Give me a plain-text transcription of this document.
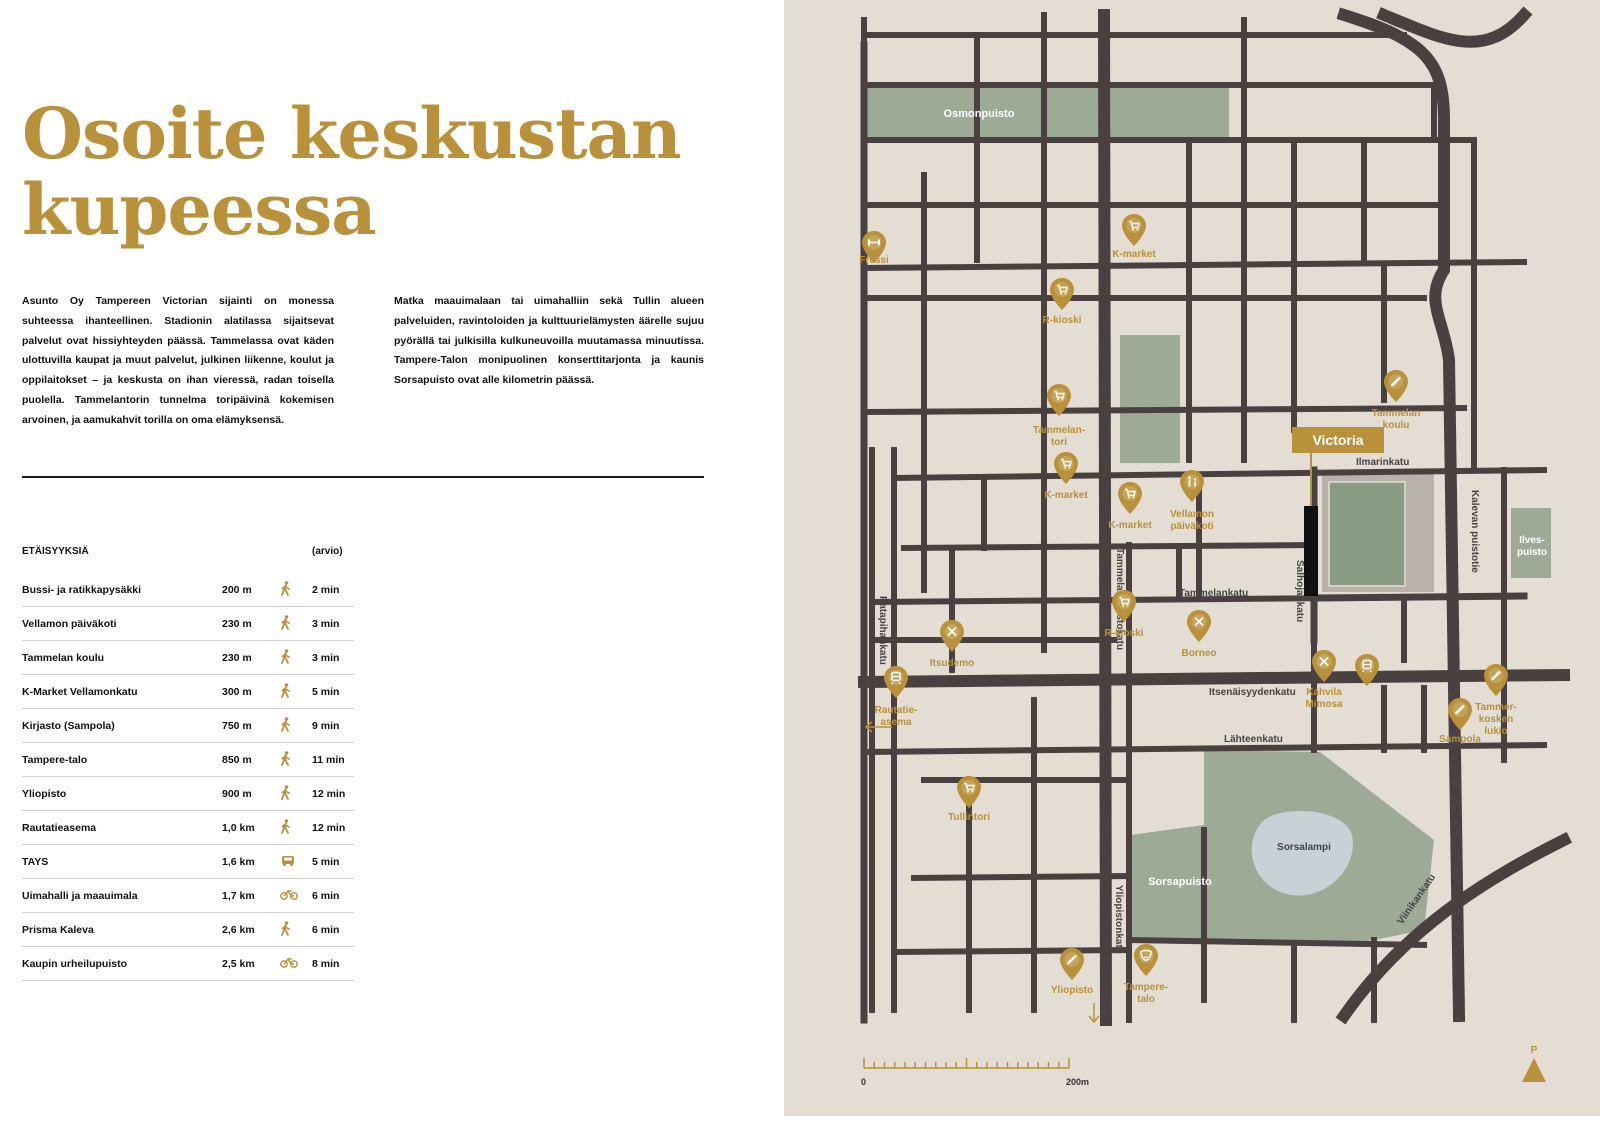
Osoite keskustan
kupeessa
Asunto Oy Tampereen Victorian sijainti on monessa suhteessa ihanteellinen. Stadionin alatilassa sijaitsevat palvelut ovat hissiyhteyden päässä. Tammelassa ovat käden ulottuvilla kaupat ja muut palvelut, julkinen liikenne, koulut ja oppilaitokset – ja keskusta on ihan vieressä, radan toisella puolella. Tammelantorin tunnelma toripäivinä kokemisen arvoinen, ja aamukahvit torilla on oma elämyksensä.
Matka maauimalaan tai uimahalliin sekä Tullin alueen palveluiden, ravintoloiden ja kulttuurielämysten äärelle sujuu pyörällä tai julkisilla kulkuneuvoilla muutamassa minuutissa. Tampere-Talon monipuolinen konserttitarjonta ja kaunis Sorsapuisto ovat alle kilometrin päässä.
ETÄISYYKSIÄ	(arvio)
Bussi- ja ratikkapysäkki	200 m	2 min
Vellamon päiväkoti	230 m	3 min
Tammelan koulu	230 m	3 min
K-Market Vellamonkatu	300 m	5 min
Kirjasto (Sampola)	750 m	9 min
Tampere-talo	850 m	11 min
Yliopisto	900 m	12 min
Rautatieasema	1,0 km	12 min
TAYS	1,6 km	5 min
Uimahalli ja maauimala	1,7 km	6 min
Prisma Kaleva	2,6 km	6 min
Kaupin urheilupuisto	2,5 km	8 min
Victoria
Osmonpuisto
Sorsapuisto
Sorsalampi
Ilves-puisto
Ilmarinkatu
Tammelankatu
Itsenäisyydenkatu
Lähteenkatu
Ratapihankatu
Salhojankatu
Kalevan puistotie
Yliopistonkatu	Viinikankatu
Fressi
K-market
R-kioski
Tammelan-tori
K-market
K-market
Vellamon päiväkoti
Tammelan koulu
Itsudemo
R-kioski
Borneo
Rautatie-asema
Kahvila Mimosa	Tammer-kosken lukio
Sampola
Tullintori
Yliopisto	Tampere-talo
0	200m
P
